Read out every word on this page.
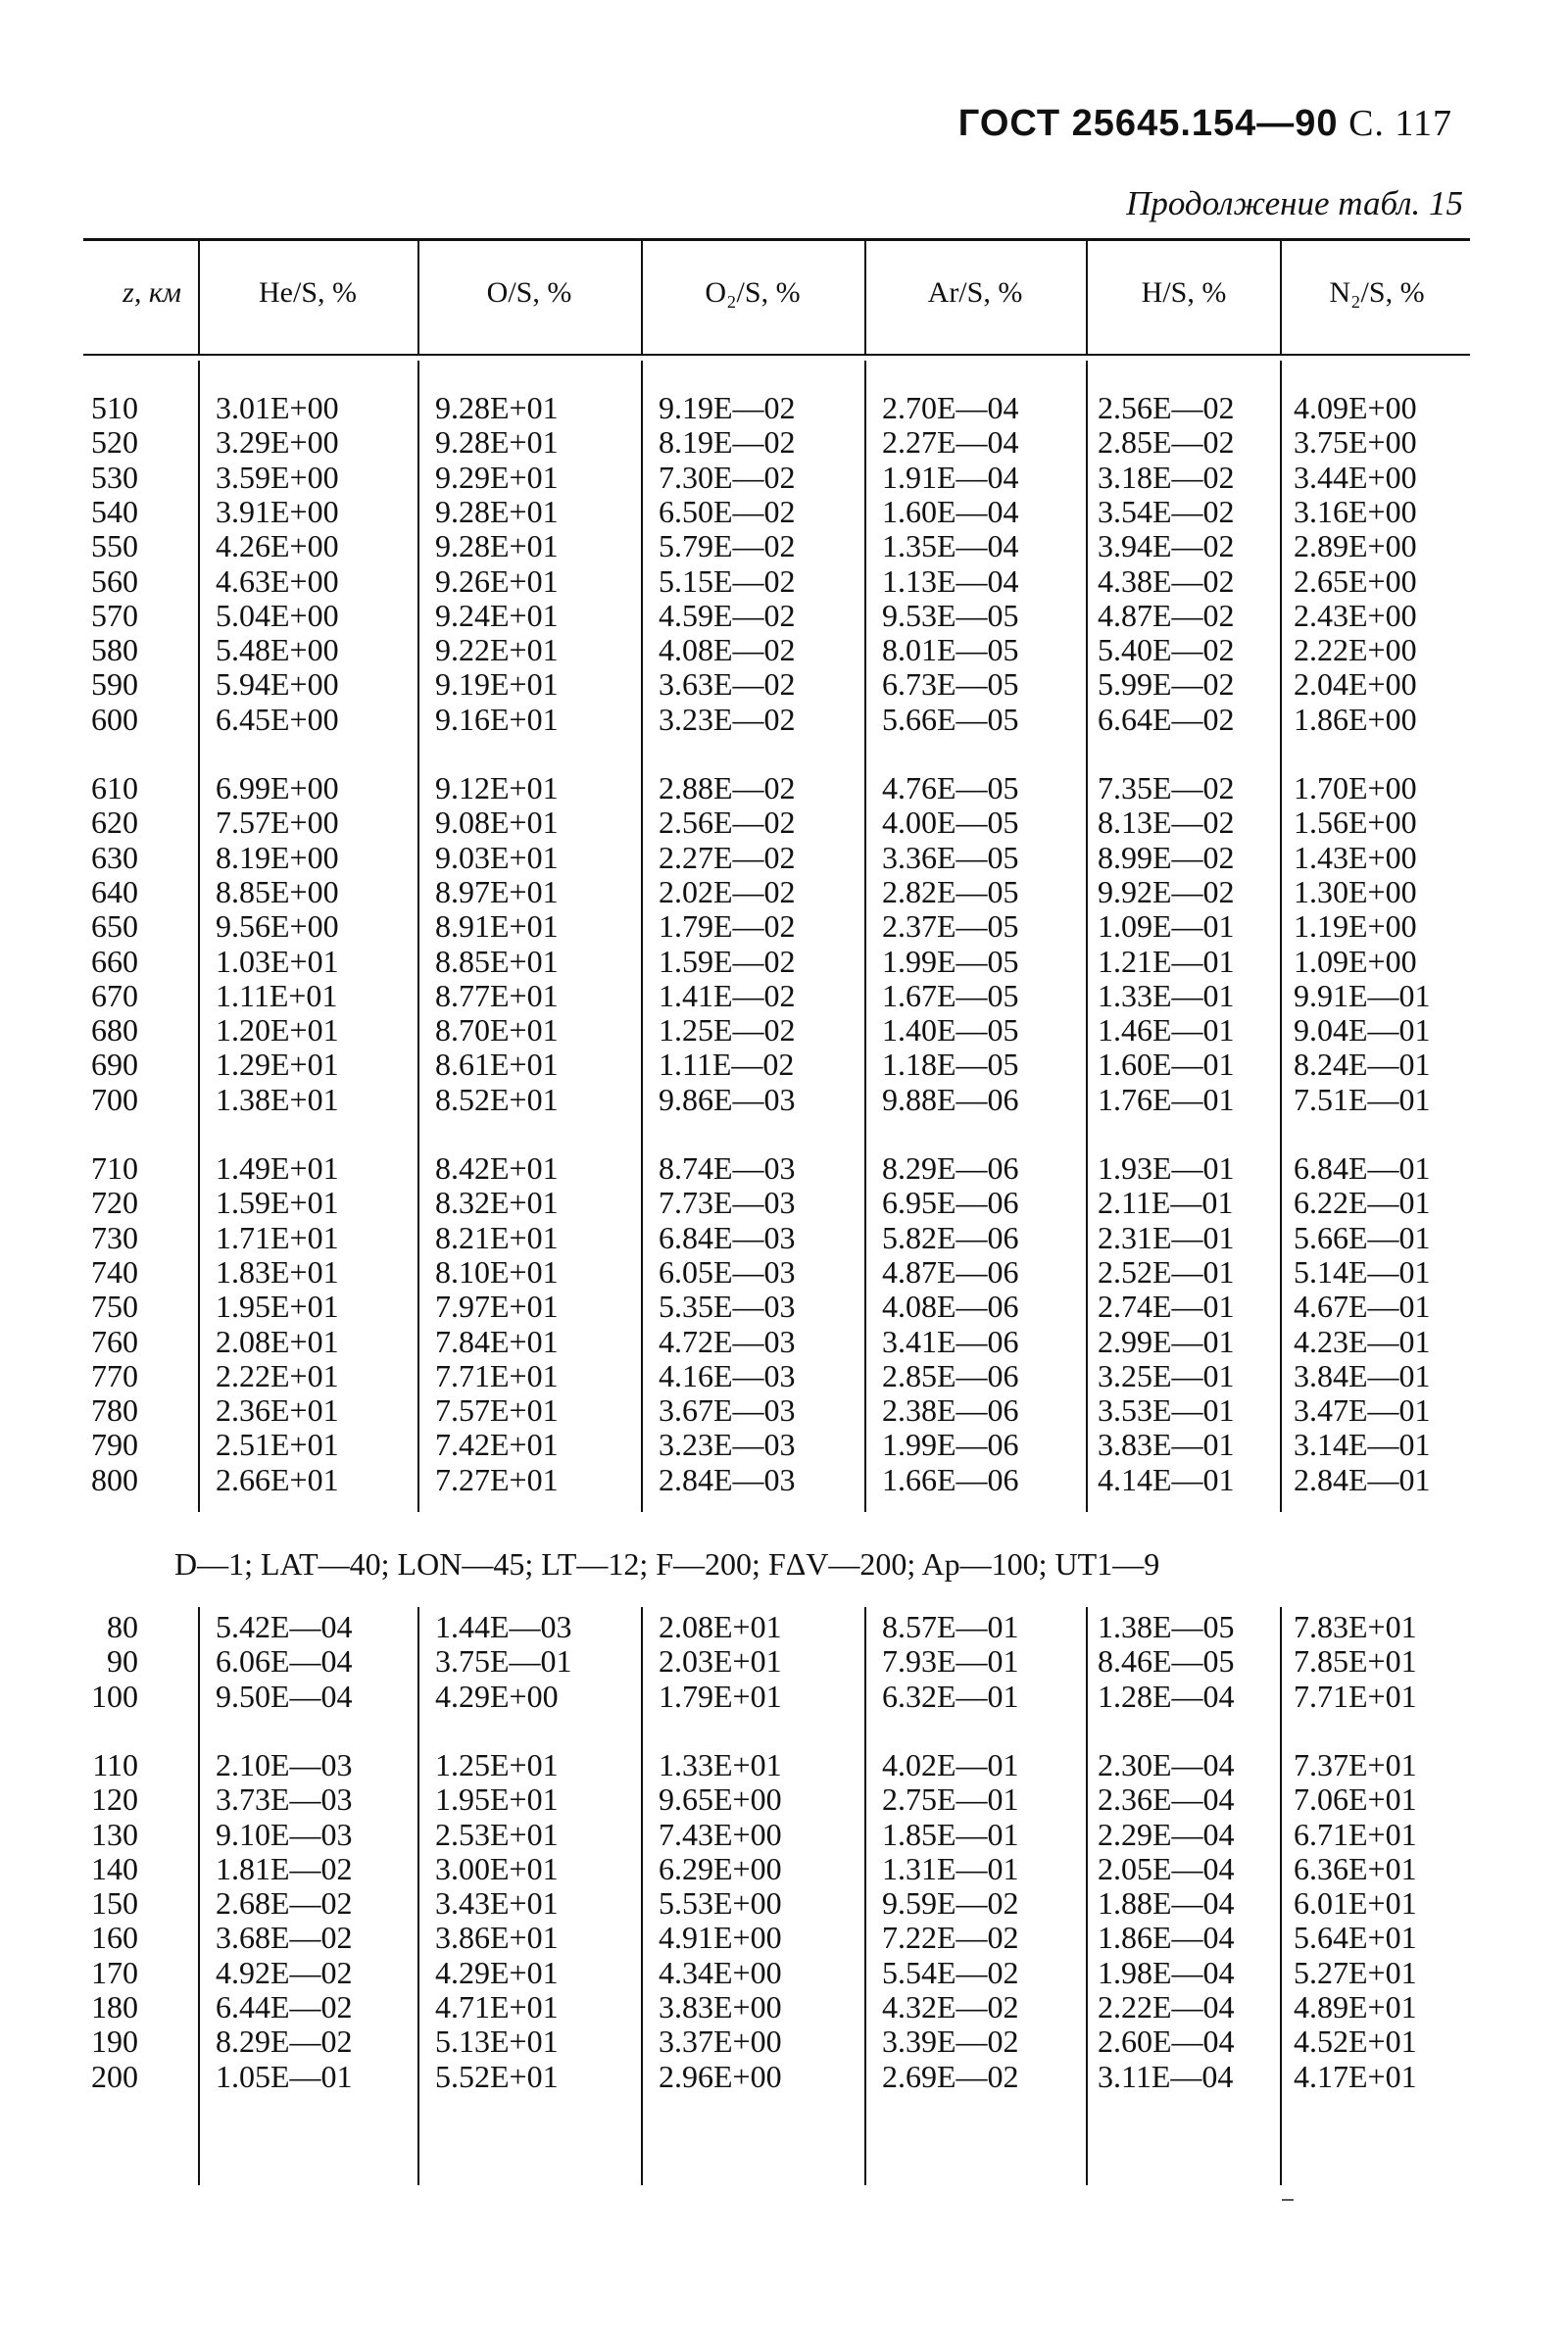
ГОСТ 25645.154—90 С. 117
Продолжение табл. 15
z, км	He/S, %	O/S, %	O₂/S, %	Ar/S, %	H/S, %	N₂/S, %
D—1; LAT—40; LON—45; LT—12; F—200; FΔV—200; Ap—100; UT1—9
510 3.01E+00	9.28E+01	9.19E—02	2.70E—04	2.56E—02 4.09E+00
520 3.29E+00	9.28E+01	8.19E—02	2.27E—04	2.85E—02 3.75E+00
530 3.59E+00	9.29E+01	7.30E—02	1.91E—04	3.18E—02 3.44E+00
540 3.91E+00	9.28E+01	6.50E—02	1.60E—04	3.54E—02 3.16E+00
550 4.26E+00	9.28E+01	5.79E—02	1.35E—04	3.94E—02 2.89E+00
560 4.63E+00	9.26E+01	5.15E—02	1.13E—04	4.38E—02 2.65E+00
570 5.04E+00	9.24E+01	4.59E—02	9.53E—05	4.87E—02 2.43E+00
580 5.48E+00	9.22E+01	4.08E—02	8.01E—05	5.40E—02 2.22E+00
590 5.94E+00	9.19E+01	3.63E—02	6.73E—05	5.99E—02 2.04E+00
600 6.45E+00	9.16E+01	3.23E—02	5.66E—05	6.64E—02 1.86E+00
610 6.99E+00	9.12E+01	2.88E—02	4.76E—05	7.35E—02 1.70E+00
620 7.57E+00	9.08E+01	2.56E—02	4.00E—05	8.13E—02 1.56E+00
630 8.19E+00	9.03E+01	2.27E—02	3.36E—05	8.99E—02 1.43E+00
640 8.85E+00	8.97E+01	2.02E—02	2.82E—05	9.92E—02 1.30E+00
650 9.56E+00	8.91E+01	1.79E—02	2.37E—05	1.09E—01 1.19E+00
660 1.03E+01	8.85E+01	1.59E—02	1.99E—05	1.21E—01 1.09E+00
670 1.11E+01	8.77E+01	1.41E—02	1.67E—05	1.33E—01 9.91E—01
680 1.20E+01	8.70E+01	1.25E—02	1.40E—05	1.46E—01 9.04E—01
690 1.29E+01	8.61E+01	1.11E—02	1.18E—05	1.60E—01 8.24E—01
700 1.38E+01	8.52E+01	9.86E—03	9.88E—06	1.76E—01 7.51E—01
710 1.49E+01	8.42E+01	8.74E—03	8.29E—06	1.93E—01 6.84E—01
720 1.59E+01	8.32E+01	7.73E—03	6.95E—06	2.11E—01 6.22E—01
730 1.71E+01	8.21E+01	6.84E—03	5.82E—06	2.31E—01 5.66E—01
740 1.83E+01	8.10E+01	6.05E—03	4.87E—06	2.52E—01 5.14E—01
750 1.95E+01	7.97E+01	5.35E—03	4.08E—06	2.74E—01 4.67E—01
760 2.08E+01	7.84E+01	4.72E—03	3.41E—06	2.99E—01 4.23E—01
770 2.22E+01	7.71E+01	4.16E—03	2.85E—06	3.25E—01 3.84E—01
780 2.36E+01	7.57E+01	3.67E—03	2.38E—06	3.53E—01 3.47E—01
790 2.51E+01	7.42E+01	3.23E—03	1.99E—06	3.83E—01 3.14E—01
800 2.66E+01	7.27E+01	2.84E—03	1.66E—06	4.14E—01 2.84E—01
80 5.42E—04	1.44E—03	2.08E+01	8.57E—01	1.38E—05 7.83E+01
90 6.06E—04	3.75E—01	2.03E+01	7.93E—01	8.46E—05 7.85E+01
100 9.50E—04	4.29E+00	1.79E+01	6.32E—01	1.28E—04 7.71E+01
110 2.10E—03	1.25E+01	1.33E+01	4.02E—01	2.30E—04 7.37E+01
120 3.73E—03	1.95E+01	9.65E+00	2.75E—01	2.36E—04 7.06E+01
130 9.10E—03	2.53E+01	7.43E+00	1.85E—01	2.29E—04 6.71E+01
140 1.81E—02	3.00E+01	6.29E+00	1.31E—01	2.05E—04 6.36E+01
150 2.68E—02	3.43E+01	5.53E+00	9.59E—02	1.88E—04 6.01E+01
160 3.68E—02	3.86E+01	4.91E+00	7.22E—02	1.86E—04 5.64E+01
170 4.92E—02	4.29E+01	4.34E+00	5.54E—02	1.98E—04 5.27E+01
180 6.44E—02	4.71E+01	3.83E+00	4.32E—02	2.22E—04 4.89E+01
190 8.29E—02	5.13E+01	3.37E+00	3.39E—02	2.60E—04 4.52E+01
200 1.05E—01	5.52E+01	2.96E+00	2.69E—02	3.11E—04 4.17E+01
